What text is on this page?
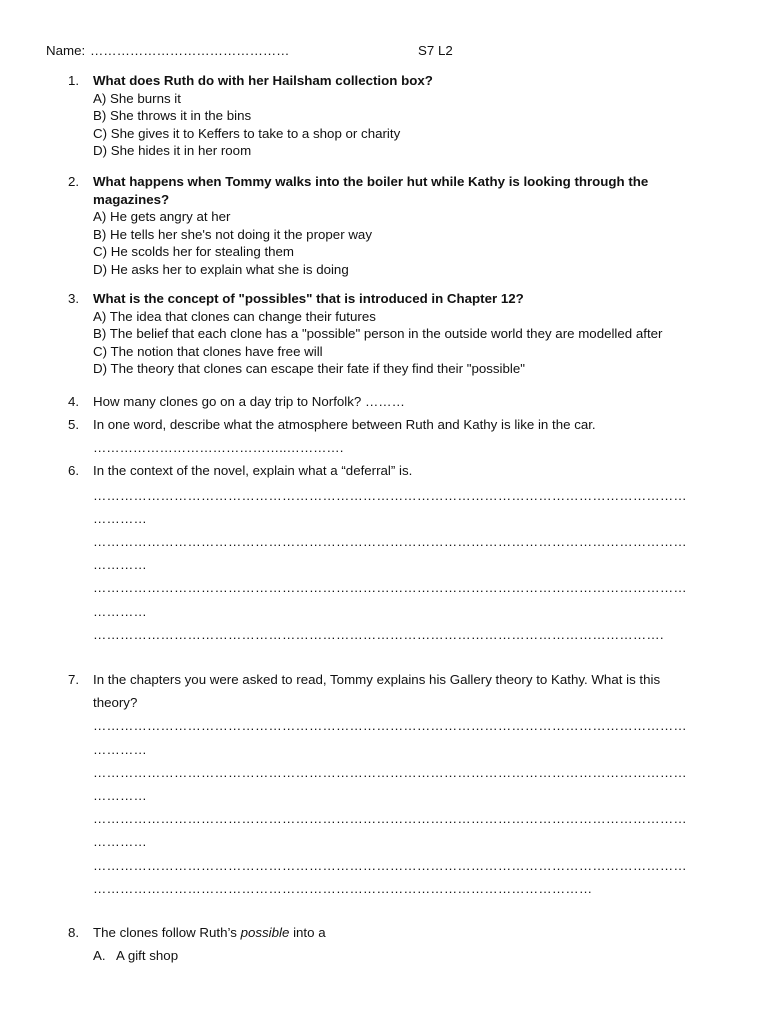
Name: ………………………………………	S7 L2
1.	What does Ruth do with her Hailsham collection box?
A) She burns it
B) She throws it in the bins
C) She gives it to Keffers to take to a shop or charity
D) She hides it in her room
2.	What happens when Tommy walks into the boiler hut while Kathy is looking through the
magazines?
A) He gets angry at her
B) He tells her she's not doing it the proper way
C) He scolds her for stealing them
D) He asks her to explain what she is doing
3.	What is the concept of "possibles" that is introduced in Chapter 12?
A) The idea that clones can change their futures
B) The belief that each clone has a "possible" person in the outside world they are modelled after
C) The notion that clones have free will
D) The theory that clones can escape their fate if they find their "possible"
4.	How many clones go on a day trip to Norfolk? ………
5.	In one word, describe what the atmosphere between Ruth and Kathy is like in the car.
……………………………………..………….
6.	In the context of the novel, explain what a “deferral” is.
……………………………………………………………………………………………………………………
…………
……………………………………………………………………………………………………………………
…………
……………………………………………………………………………………………………………………
…………
……………………………………………………………………………………………………………….
7.	In the chapters you were asked to read, Tommy explains his Gallery theory to Kathy. What is this
theory?
……………………………………………………………………………………………………………………
…………
……………………………………………………………………………………………………………………
…………
……………………………………………………………………………………………………………………
…………
……………………………………………………………………………………………………………………
…………………………………………………………………………………………………
8.	The clones follow Ruth’s possible into a
A. A gift shop
